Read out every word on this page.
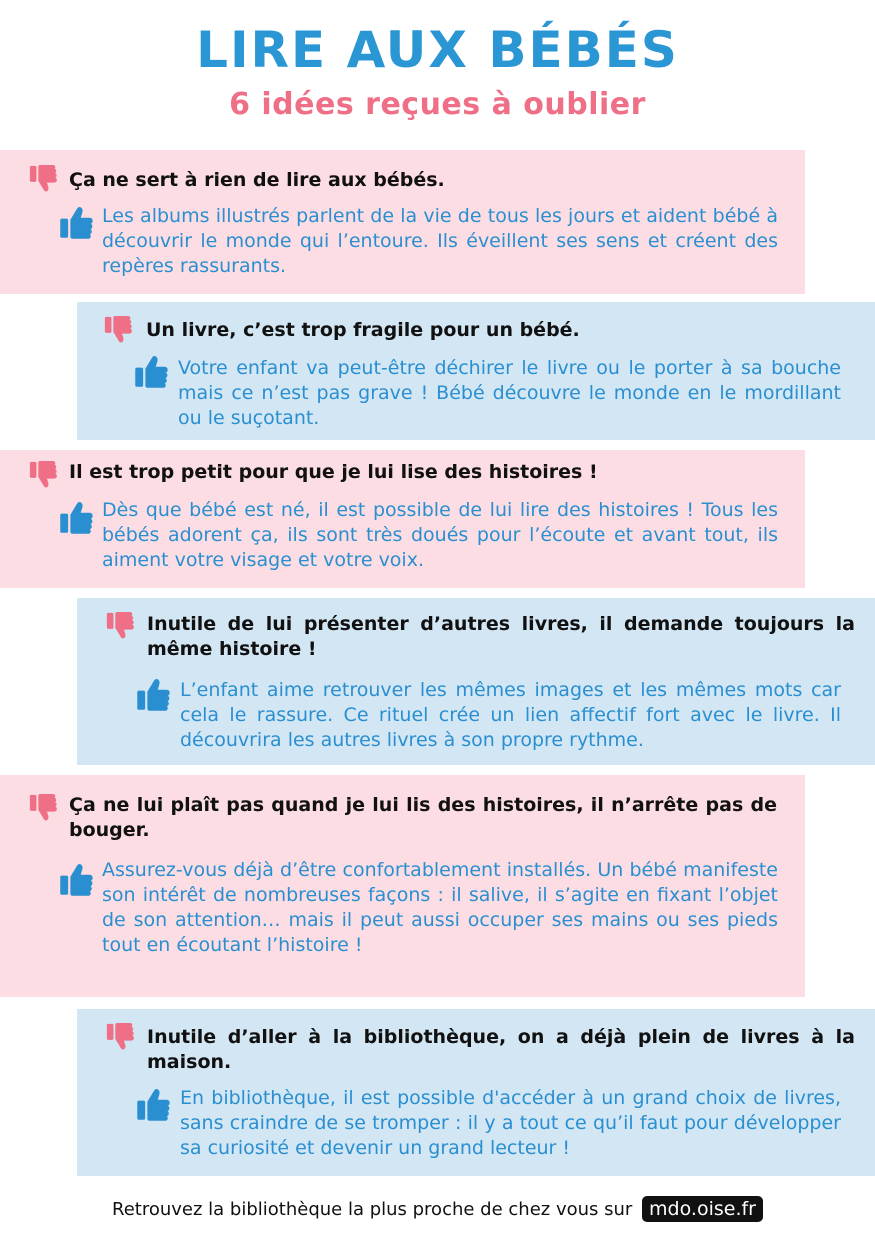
LIRE AUX BÉBÉS
6 idées reçues à oublier
Ça ne sert à rien de lire aux bébés.
Les albums illustrés parlent de la vie de tous les jours et aident bébé à découvrir le monde qui l’entoure. Ils éveillent ses sens et créent des repères rassurants.
Un livre, c’est trop fragile pour un bébé.
Votre enfant va peut-être déchirer le livre ou le porter à sa bouche mais ce n’est pas grave ! Bébé découvre le monde en le mordillant ou le suçotant.
Il est trop petit pour que je lui lise des histoires !
Dès que bébé est né, il est possible de lui lire des histoires ! Tous les bébés adorent ça, ils sont très doués pour l’écoute et avant tout, ils aiment votre visage et votre voix.
Inutile de lui présenter d’autres livres, il demande toujours la même histoire !
L’enfant aime retrouver les mêmes images et les mêmes mots car cela le rassure. Ce rituel crée un lien affectif fort avec le livre. Il découvrira les autres livres à son propre rythme.
Ça ne lui plaît pas quand je lui lis des histoires, il n’arrête pas de bouger.
Assurez-vous déjà d’être confortablement installés. Un bébé manifeste son intérêt de nombreuses façons : il salive, il s’agite en fixant l’objet de son attention… mais il peut aussi occuper ses mains ou ses pieds tout en écoutant l’histoire !
Inutile d’aller à la bibliothèque, on a déjà plein de livres à la maison.
En bibliothèque, il est possible d'accéder à un grand choix de livres, sans craindre de se tromper : il y a tout ce qu’il faut pour développer sa curiosité et devenir un grand lecteur !
Retrouvez la bibliothèque la plus proche de chez vous sur mdo.oise.fr
